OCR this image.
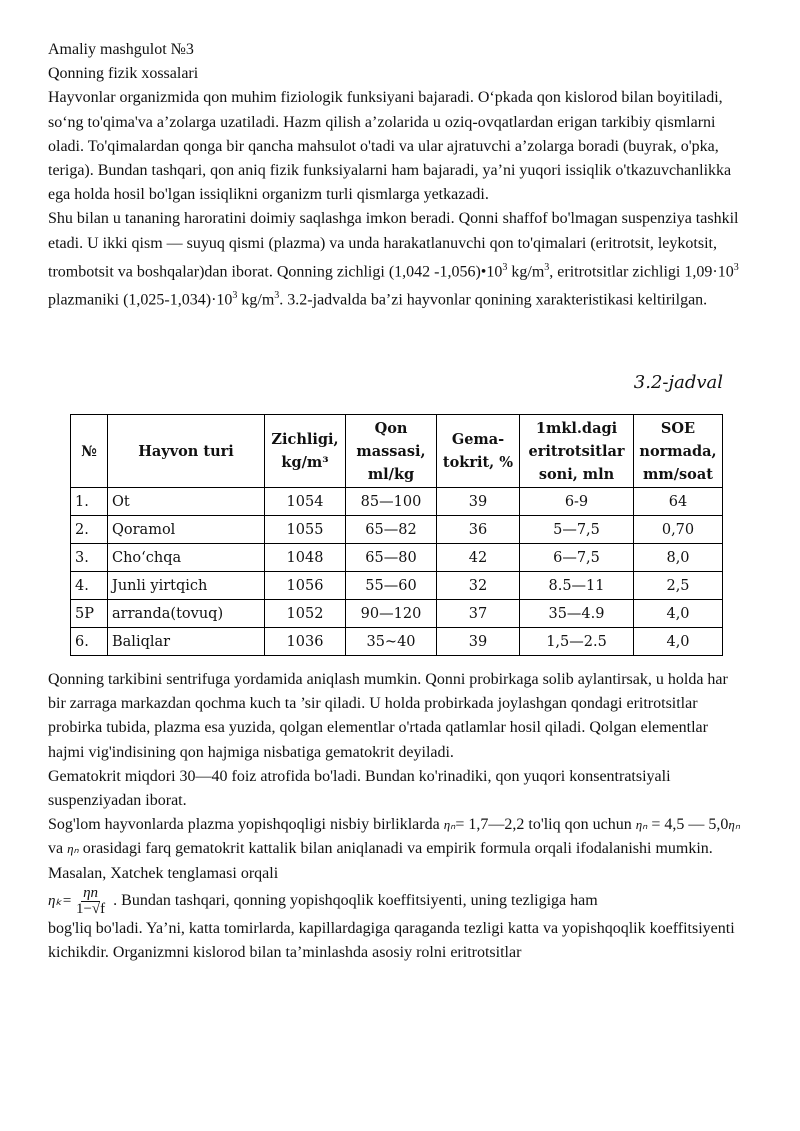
Amaliy mashgulot №3

Qonning fizik xossalari

Hayvonlar organizmida qon muhim fiziologik funksiyani bajaradi. O‘pkada qon kislorod bilan boyitiladi, so‘ng to'qima'va a’zolarga uzatiladi. Hazm qilish a’zolarida u oziq-ovqatlardan erigan tarkibiy qismlarni oladi. To'qimalardan qonga bir qancha mahsulot o'tadi va ular ajratuvchi a’zolarga boradi (buyrak, o'pka, teriga). Bundan tashqari, qon aniq fizik funksiyalarni ham bajaradi, ya’ni yuqori issiqlik o'tkazuvchanlikka ega holda hosil bo'lgan issiqlikni organizm turli qismlarga yetkazadi.

Shu bilan u tananing haroratini doimiy saqlashga imkon beradi. Qonni shaffof bo'lmagan suspenziya tashkil etadi. U ikki qism — suyuq qismi (plazma) va unda harakatlanuvchi qon to'qimalari (eritrotsit, leykotsit, trombotsit va boshqalar)dan iborat. Qonning zichligi (1,042 $-1,056)•10^3$ $kg/m^3$, eritrotsitlar zichligi $1,09\cdot 10^3$ plazmaniki $(1,025-1,034)\cdot 10^3$ $kg/m^3$. 3.2-jadvalda ba’zi hayvonlar qonining xarakteristikasi keltirilgan.

3.2-jadval
№	Hayvon turi	Zichligi, kg/m³	Qon massasi, ml/kg	Gema- tokrit, %	1mkl.dagi eritrotsitlar soni, mln	SOE normada, mm/soat
1.	Ot	1054	85—100	39	6-9	64
2.	Qoramol	1055	65—82	36	5—7,5	0,70
3.	Cho‘chqa	1048	65—80	42	6—7,5	8,0
4.	Junli yirtqich	1056	55—60	32	8.5—11	2,5
5P	arranda(tovuq)	1052	90—120	37	35—4.9	4,0
6.	Baliqlar	1036	35~40	39	1,5—2.5	4,0

Qonning tarkibini sentrifuga yordamida aniqlash mumkin. Qonni probirkaga solib aylantirsak, u holda har bir zarraga markazdan qochma kuch ta ’sir qiladi. U holda probirkada joylashgan qondagi eritrotsitlar probirka tubida, plazma esa yuzida, qolgan elementlar o'rtada qatlamlar hosil qiladi. Qolgan elementlar hajmi vig'indisining qon hajmiga nisbatiga gematokrit deyiladi.

Gematokrit miqdori 30—40 foiz atrofida bo'ladi. Bundan ko'rinadiki, qon yuqori konsentratsiyali suspenziyadan iborat.

Sog'lom hayvonlarda plazma yopishqoqligi nisbiy birliklarda ηₙ= 1,7—2,2 to'liq qon uchun ηₙ = 4,5 — 5,0ηₙ va ηₙ orasidagi farq gematokrit kattalik bilan aniqlanadi va empirik formula orqali ifodalanishi mumkin. Masalan, Xatchek tenglamasi orqali

$\eta_k= \frac{\eta n}{1-√f}$ . Bundan tashqari, qonning yopishqoqlik koeffitsiyenti, uning tezligiga ham

bog'liq bo'ladi. Ya’ni, katta tomirlarda, kapillardagiga qaraganda tezligi katta va yopishqoqlik koeffitsiyenti kichikdir. Organizmni kislorod bilan ta’minlashda asosiy rolni eritrotsitlar
